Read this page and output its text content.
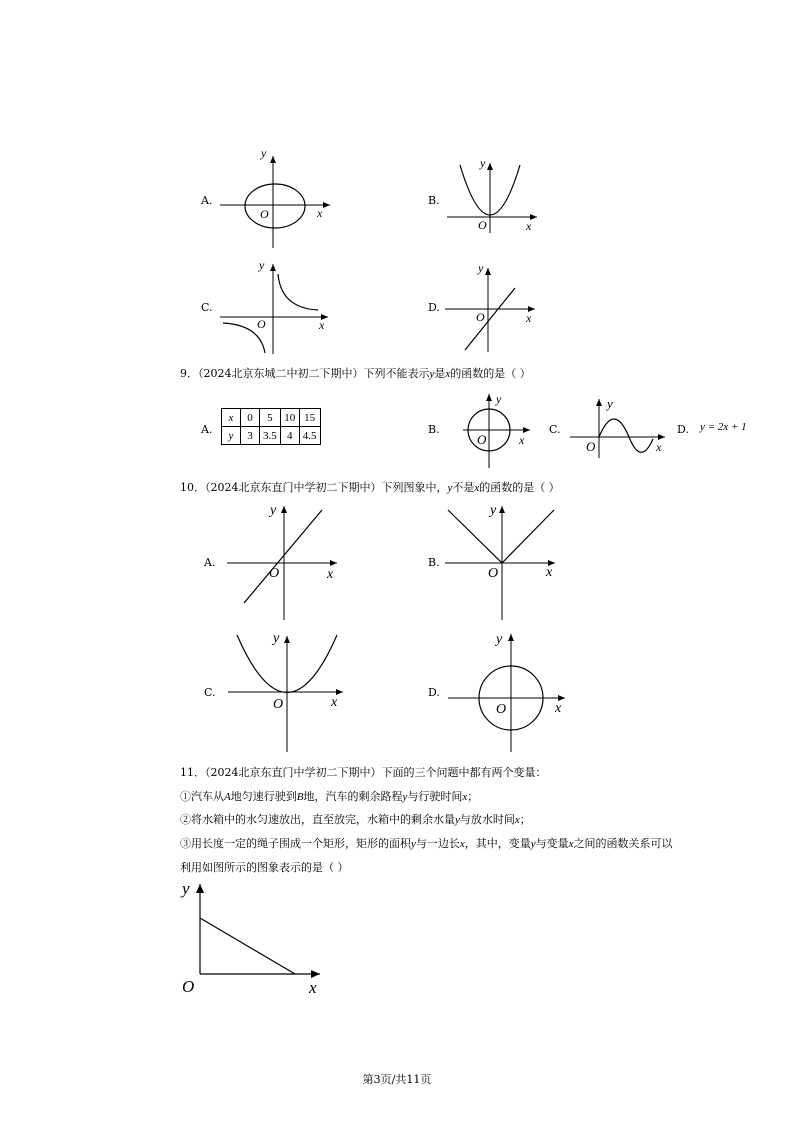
A.
y
x
O
B.
y
x
O
C.
y
x
O
D.
y
x
O
9．（2024北京东城二中初二下期中）下列不能表示y是x的函数的是（ ）
A.
x	0	5	10	15
y	3	3.5	4	4.5	B.
y
x
O
C.
y
x
O
D. y = 2x + 1
10．（2024北京东直门中学初二下期中）下列图象中，y不是x的函数的是（ ）
A.
y
x
O
B.
y
x
O
C.
y
x
O
D.
y
x
O
11．（2024北京东直门中学初二下期中）下面的三个问题中都有两个变量：
①汽车从A地匀速行驶到B地，汽车的剩余路程y与行驶时间x；
②将水箱中的水匀速放出，直至放完，水箱中的剩余水量y与放水时间x；
③用长度一定的绳子围成一个矩形，矩形的面积y与一边长x，其中，变量y与变量x之间的函数关系可以
利用如图所示的图象表示的是（ ）
y
x
O
第3页/共11页
